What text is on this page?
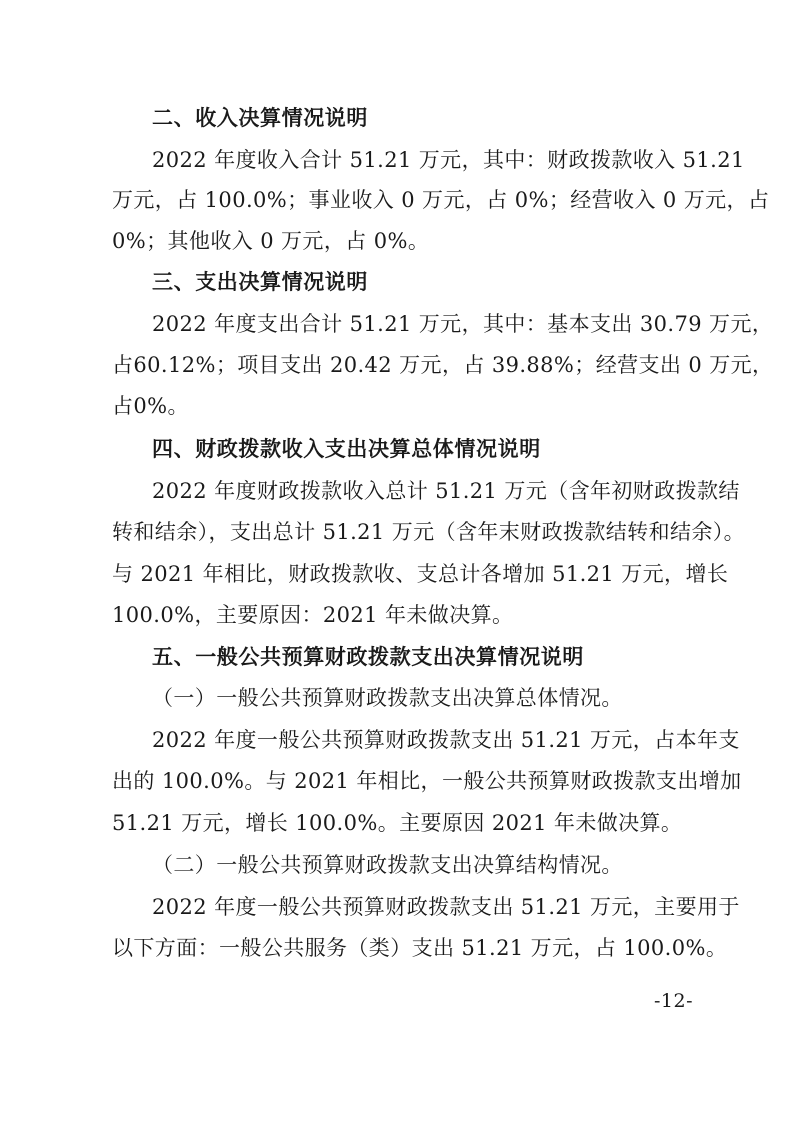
二、收入决算情况说明
2022 年度收入合计 51.21 万元，其中：财政拨款收入 51.21
万元，占 100.0%；事业收入 0 万元，占 0%；经营收入 0 万元，占
0%；其他收入 0 万元，占 0%。
三、支出决算情况说明
2022 年度支出合计 51.21 万元，其中：基本支出 30.79 万元，
占60.12%；项目支出 20.42 万元，占 39.88%；经营支出 0 万元，
占0%。
四、财政拨款收入支出决算总体情况说明
2022 年度财政拨款收入总计 51.21 万元（含年初财政拨款结
转和结余），支出总计 51.21 万元（含年末财政拨款结转和结余）。
与 2021 年相比，财政拨款收、支总计各增加 51.21 万元，增长
100.0%，主要原因：2021 年未做决算。
五、一般公共预算财政拨款支出决算情况说明
（一）一般公共预算财政拨款支出决算总体情况。
2022 年度一般公共预算财政拨款支出 51.21 万元，占本年支
出的 100.0%。与 2021 年相比，一般公共预算财政拨款支出增加
51.21 万元，增长 100.0%。主要原因 2021 年未做决算。
（二）一般公共预算财政拨款支出决算结构情况。
2022 年度一般公共预算财政拨款支出 51.21 万元，主要用于
以下方面：一般公共服务（类）支出 51.21 万元，占 100.0%。
-12-
